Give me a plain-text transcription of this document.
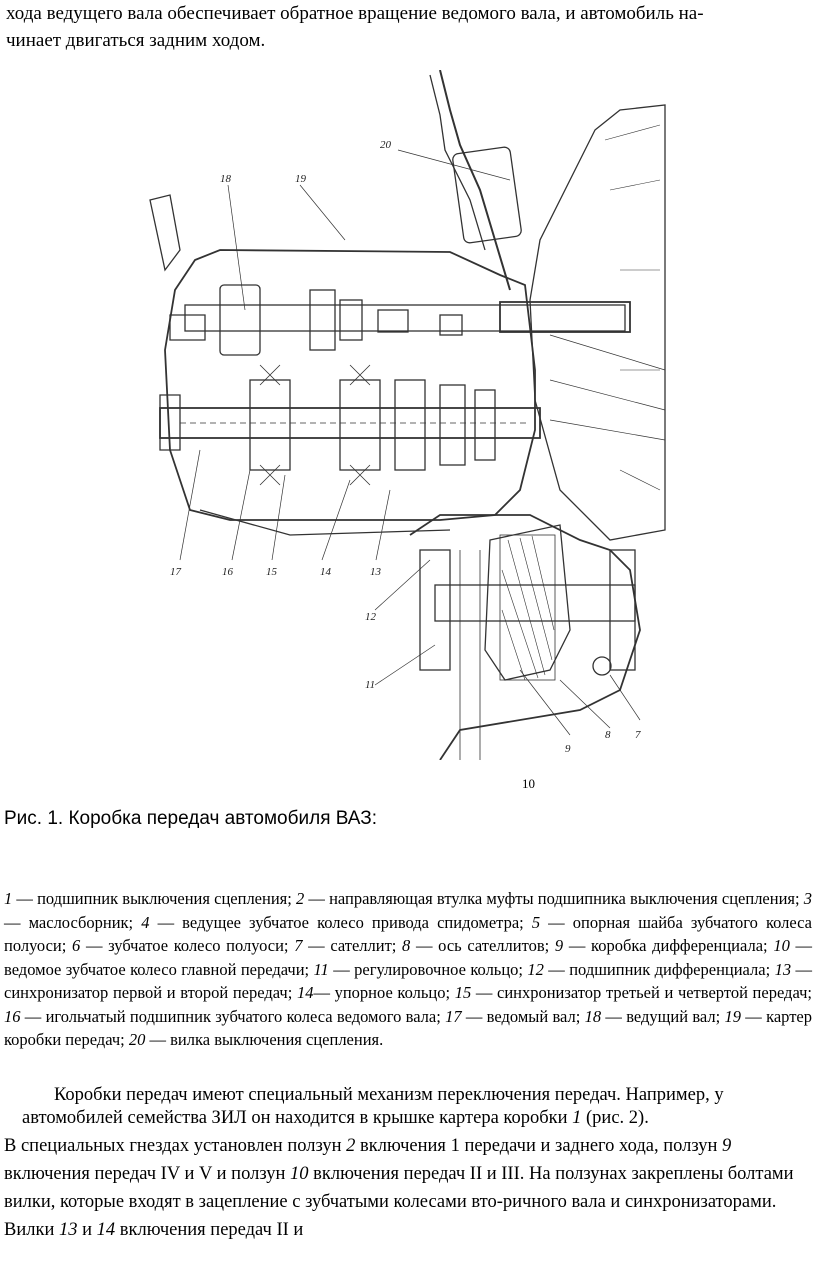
хода ведущего вала обеспечивает обратное вращение ведомого вала, и автомобиль на-
чинает двигаться задним ходом.
20
18	19
17	16	15	14	13
12
11
9
8 7
10
Рис. 1. Коробка передач автомобиля ВАЗ:
1 — подшипник выключения сцепления; 2 — направляющая втулка муфты подшипника выключения сцепления; 3 — маслосборник; 4 — ведущее зубчатое колесо привода спидометра; 5 — опорная шайба зубчатого колеса полуоси; 6 — зубчатое колесо полуоси; 7 — сателлит; 8 — ось сателлитов; 9 — коробка дифференциала; 10 — ведомое зубчатое колесо главной передачи; 11 — регулировочное кольцо; 12 — подшипник дифференциала; 13 — синхронизатор первой и второй передач; 14— упорное кольцо; 15 — синхронизатор третьей и четвертой передач; 16 — игольчатый подшипник зубчатого колеса ведомого вала; 17 — ведомый вал; 18 — ведущий вал; 19 — картер коробки передач; 20 — вилка выключения сцепления.
Коробки передач имеют специальный механизм переключения передач. Например, у
автомобилей семейства ЗИЛ он находится в крышке картера коробки 1 (рис. 2).
В специальных гнездах установлен ползун 2 включения 1 передачи и заднего хода, ползун 9 включения передач IV и V и ползун 10 включения передач II и III. На ползунах закреплены болтами вилки, которые входят в зацепление с зубчатыми колесами вто-ричного вала и синхронизаторами. Вилки 13 и 14 включения передач II и
